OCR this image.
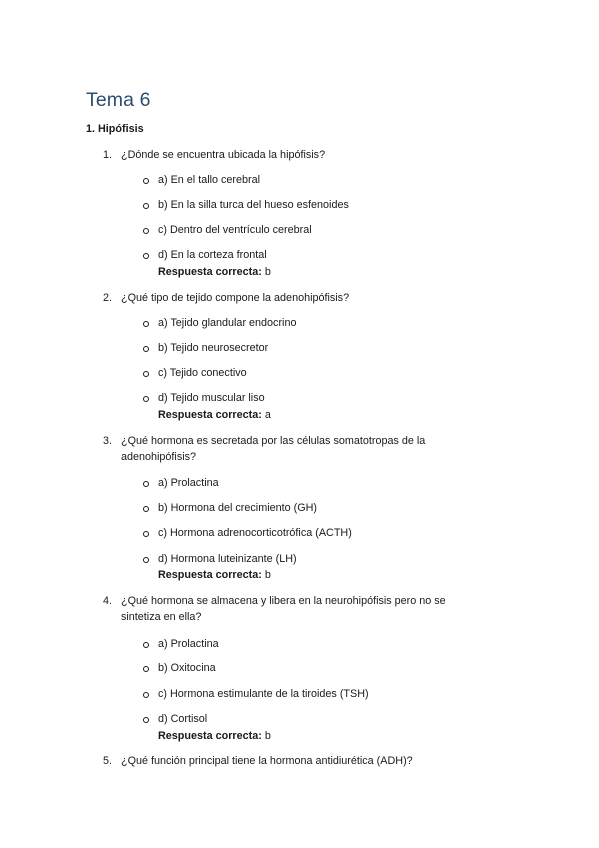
Tema 6
1. Hipófisis
1. ¿Dónde se encuentra ubicada la hipófisis?
a) En el tallo cerebral
b) En la silla turca del hueso esfenoides
c) Dentro del ventrículo cerebral
d) En la corteza frontal
Respuesta correcta: b
2. ¿Qué tipo de tejido compone la adenohipófisis?
a) Tejido glandular endocrino
b) Tejido neurosecretor
c) Tejido conectivo
d) Tejido muscular liso
Respuesta correcta: a
3. ¿Qué hormona es secretada por las células somatotropas de la adenohipófisis?
a) Prolactina
b) Hormona del crecimiento (GH)
c) Hormona adrenocorticotrófica (ACTH)
d) Hormona luteinizante (LH)
Respuesta correcta: b
4. ¿Qué hormona se almacena y libera en la neurohipófisis pero no se sintetiza en ella?
a) Prolactina
b) Oxitocina
c) Hormona estimulante de la tiroides (TSH)
d) Cortisol
Respuesta correcta: b
5. ¿Qué función principal tiene la hormona antidiurética (ADH)?
